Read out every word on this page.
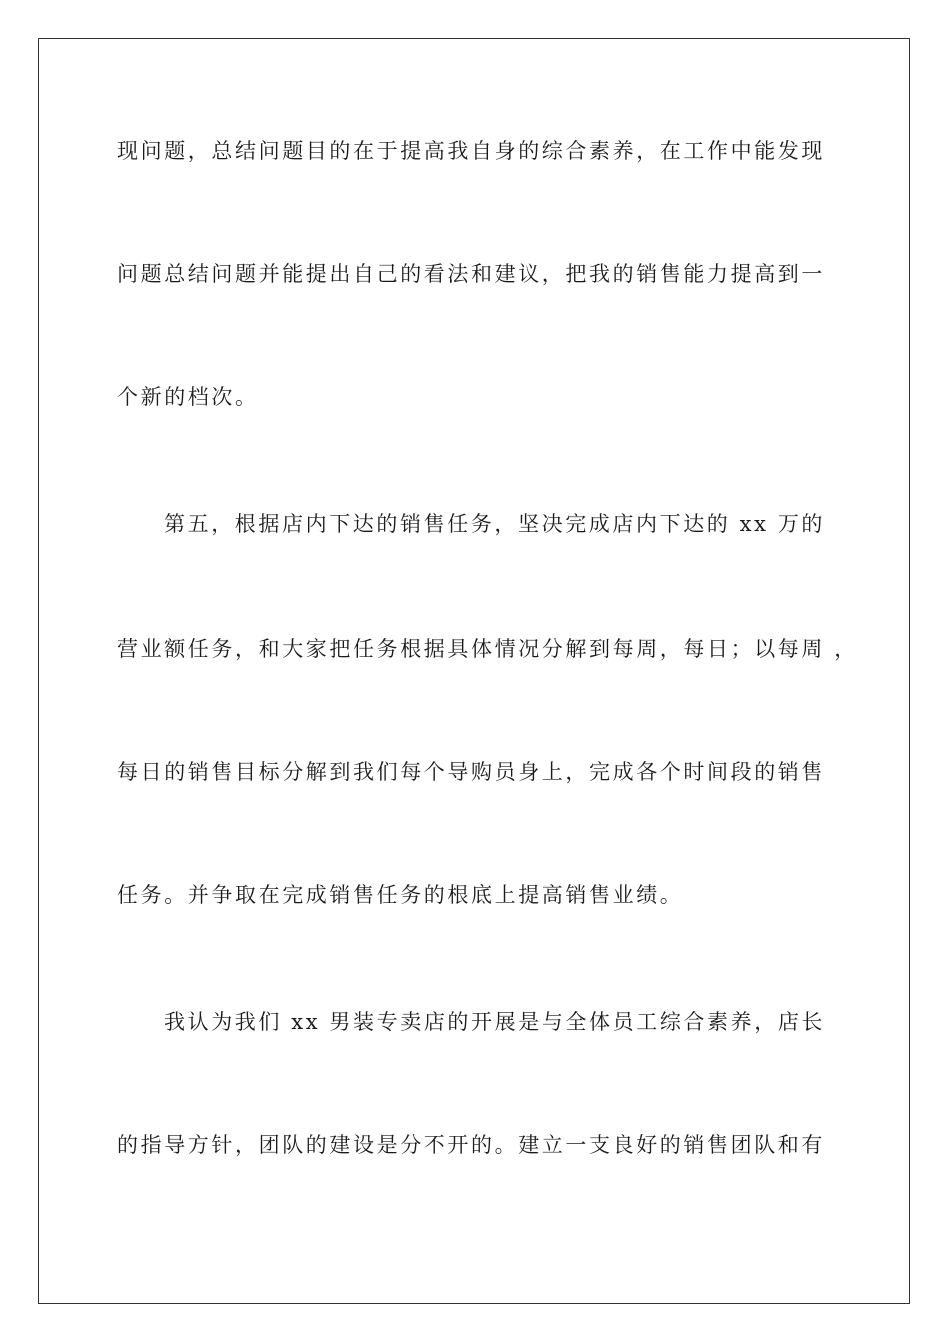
现问题，总结问题目的在于提高我自身的综合素养，在工作中能发现
问题总结问题并能提出自己的看法和建议，把我的销售能力提高到一
个新的档次。
第五，根据店内下达的销售任务，坚决完成店内下达的 xx 万的
营业额任务，和大家把任务根据具体情况分解到每周，每日；以每周 ，
每日的销售目标分解到我们每个导购员身上，完成各个时间段的销售
任务。并争取在完成销售任务的根底上提高销售业绩。
我认为我们 xx 男装专卖店的开展是与全体员工综合素养，店长
的指导方针，团队的建设是分不开的。建立一支良好的销售团队和有
